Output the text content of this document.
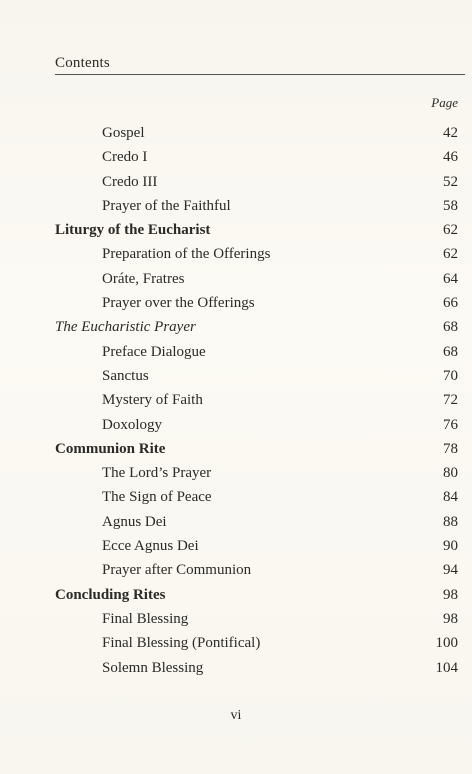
Contents
Page
Gospel	42
Credo I	46
Credo III	52
Prayer of the Faithful	58
Liturgy of the Eucharist	62
Preparation of the Offerings	62
Oráte, Fratres	64
Prayer over the Offerings	66
The Eucharistic Prayer	68
Preface Dialogue	68
Sanctus	70
Mystery of Faith	72
Doxology	76
Communion Rite	78
The Lord’s Prayer	80
The Sign of Peace	84
Agnus Dei	88
Ecce Agnus Dei	90
Prayer after Communion	94
Concluding Rites	98
Final Blessing	98
Final Blessing (Pontifical)	100
Solemn Blessing	104
vi
